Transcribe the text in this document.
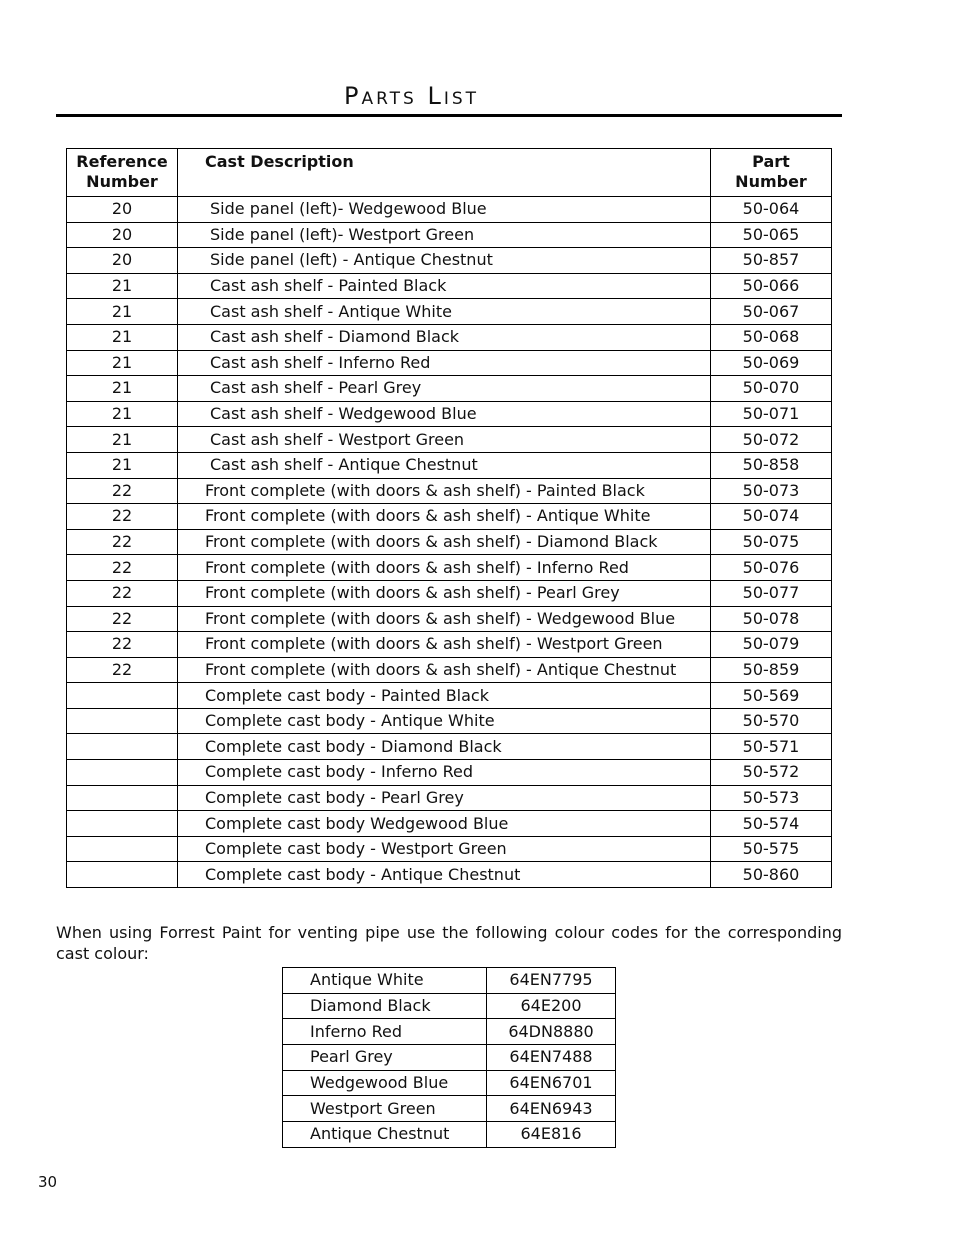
Parts List
Reference
Number	Cast Description	Part
Number
20	Side panel (left)- Wedgewood Blue	50-064
20	Side panel (left)- Westport Green	50-065
20	Side panel (left) - Antique Chestnut	50-857
21	Cast ash shelf - Painted Black	50-066
21	Cast ash shelf - Antique White	50-067
21	Cast ash shelf - Diamond Black	50-068
21	Cast ash shelf - Inferno Red	50-069
21	Cast ash shelf - Pearl Grey	50-070
21	Cast ash shelf - Wedgewood Blue	50-071
21	Cast ash shelf - Westport Green	50-072
21	Cast ash shelf - Antique Chestnut	50-858
22	Front complete (with doors & ash shelf) - Painted Black	50-073
22	Front complete (with doors & ash shelf) - Antique White	50-074
22	Front complete (with doors & ash shelf) - Diamond Black	50-075
22	Front complete (with doors & ash shelf) - Inferno Red	50-076
22	Front complete (with doors & ash shelf) - Pearl Grey	50-077
22	Front complete (with doors & ash shelf) - Wedgewood Blue	50-078
22	Front complete (with doors & ash shelf) - Westport Green	50-079
22	Front complete (with doors & ash shelf) - Antique Chestnut	50-859
	Complete cast body - Painted Black	50-569
	Complete cast body - Antique White	50-570
	Complete cast body - Diamond Black	50-571
	Complete cast body - Inferno Red	50-572
	Complete cast body - Pearl Grey	50-573
	Complete cast body Wedgewood Blue	50-574
	Complete cast body - Westport Green	50-575
	Complete cast body - Antique Chestnut	50-860
When using Forrest Paint for venting pipe use the following colour codes for the corresponding cast colour:
Antique White	64EN7795
Diamond Black	64E200
Inferno Red	64DN8880
Pearl Grey	64EN7488
Wedgewood Blue	64EN6701
Westport Green	64EN6943
Antique Chestnut	64E816
30
